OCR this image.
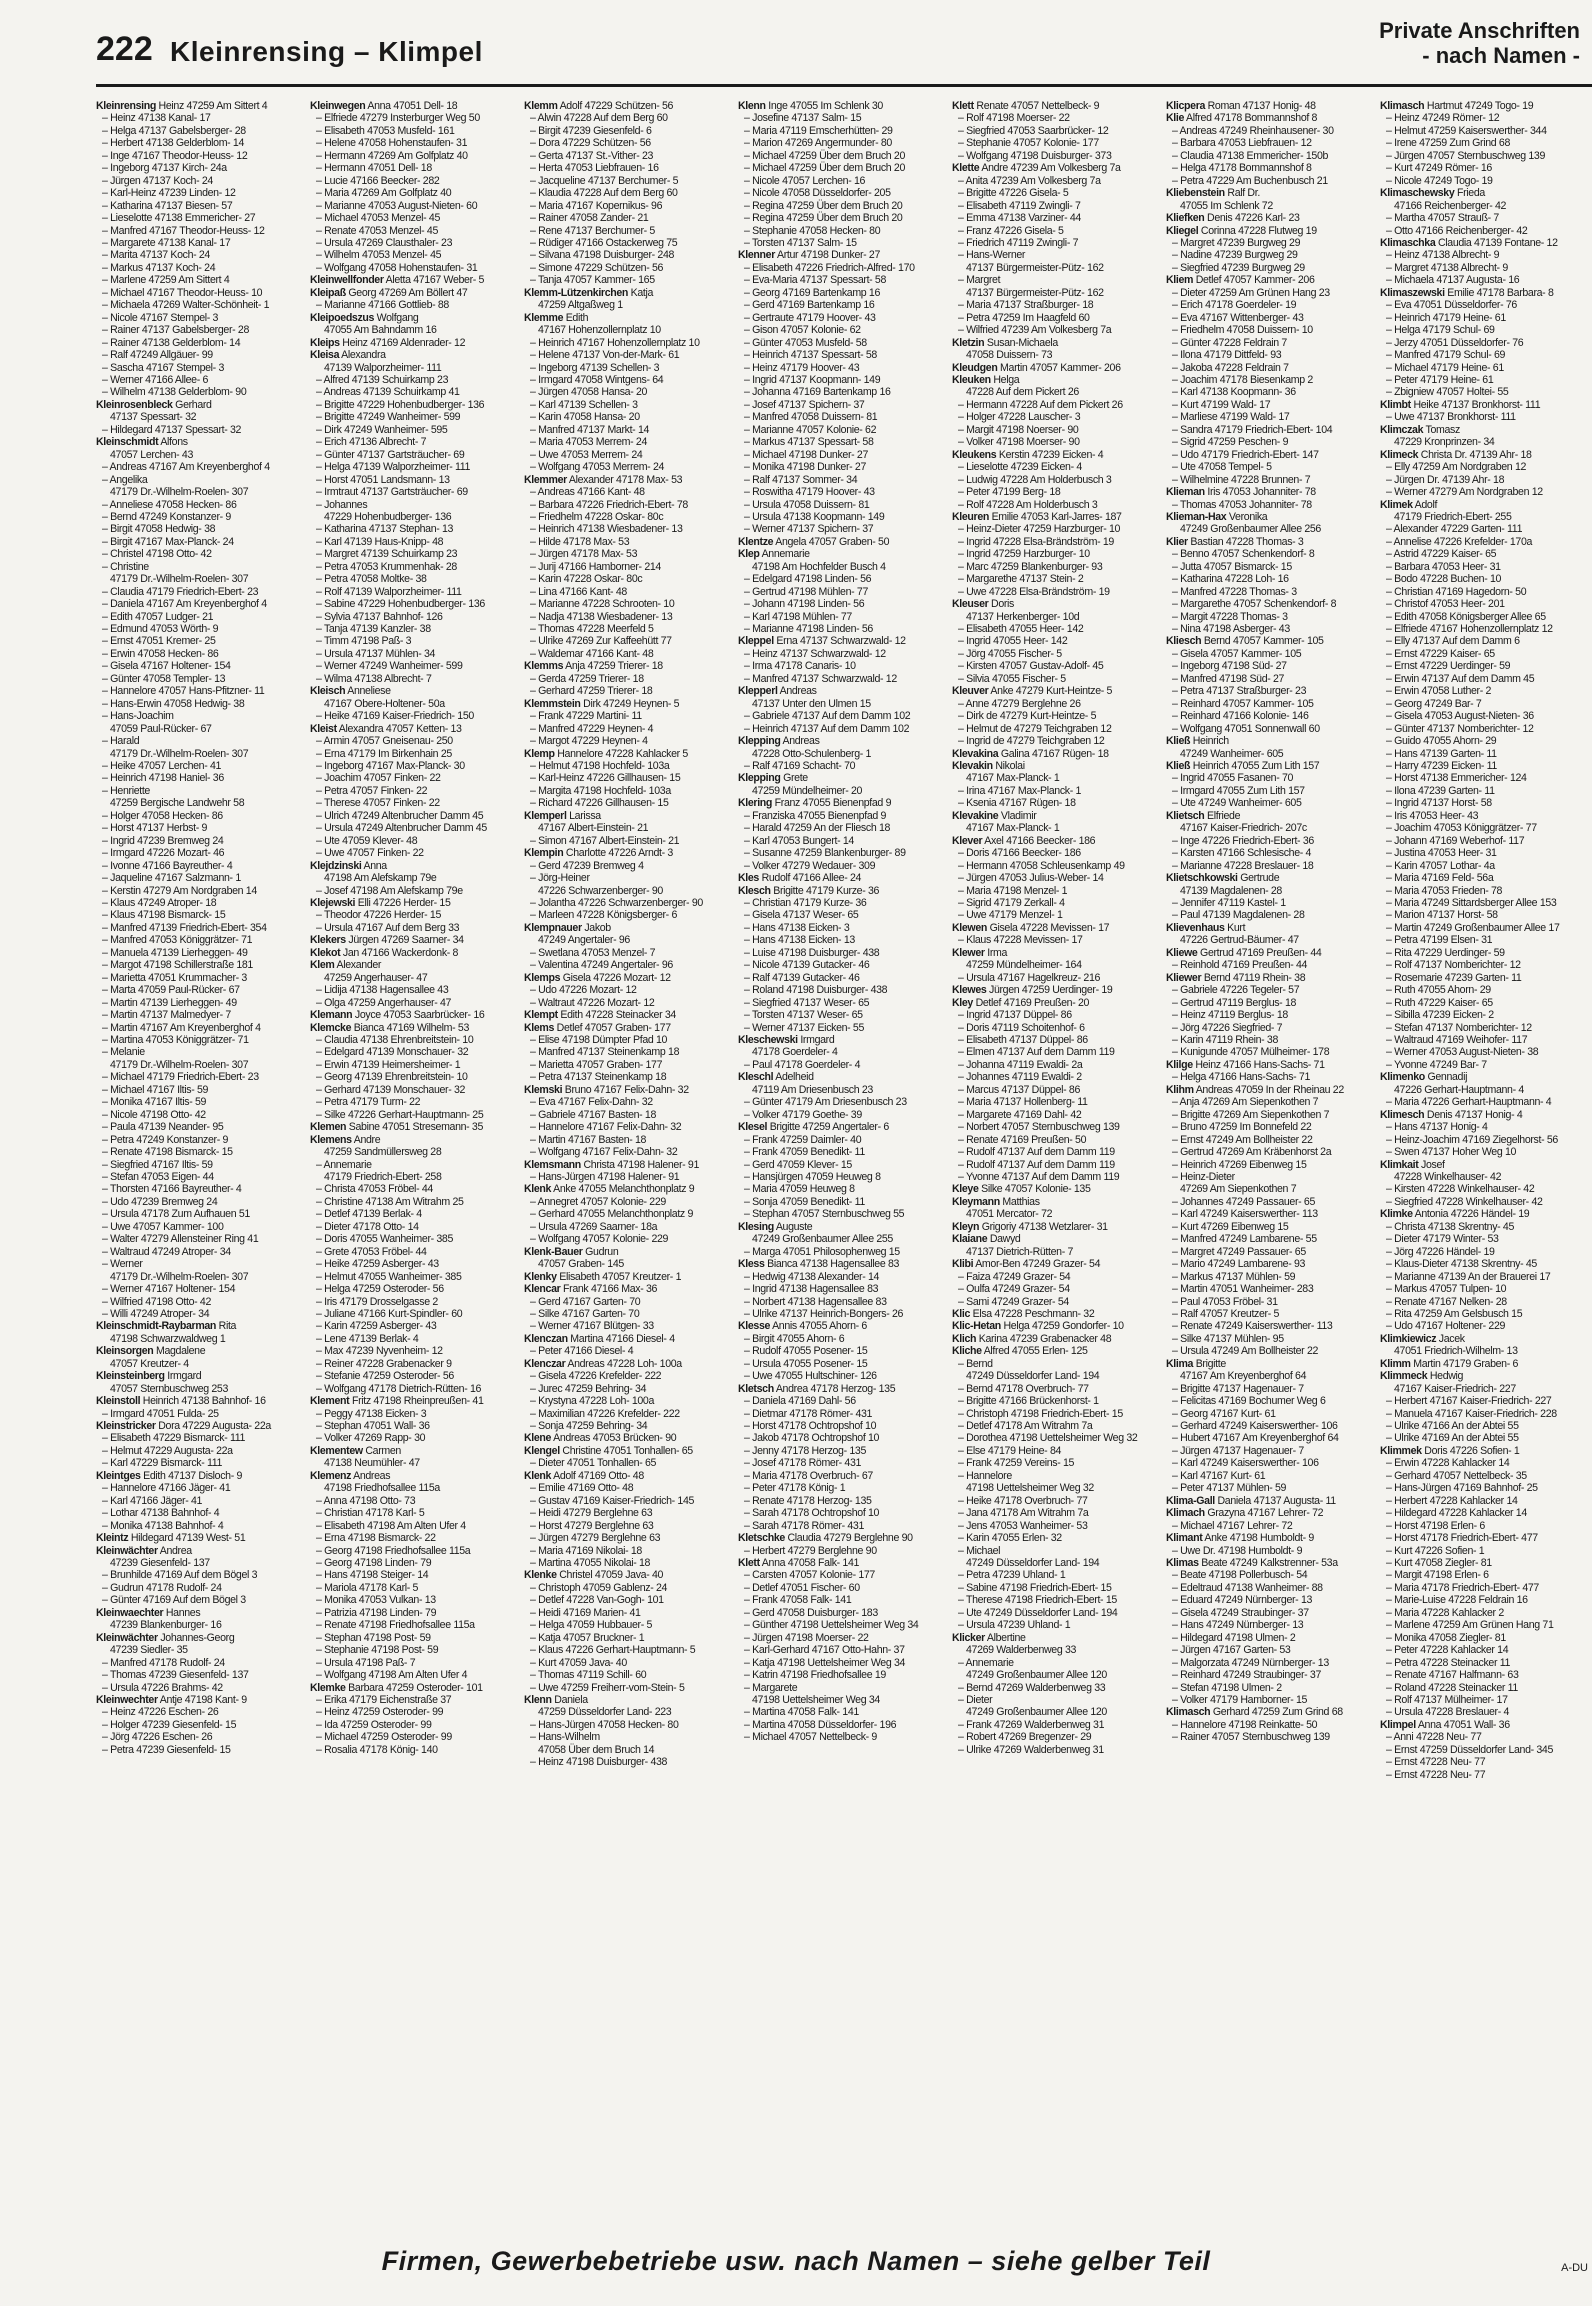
222 Kleinrensing – Klimpel
Private Anschriften
- nach Namen -
Kleinrensing Heinz 47259 Am Sittert 4
– Heinz 47138 Kanal- 17
– Helga 47137 Gabelsberger- 28
– Herbert 47138 Gelderblom- 14
– Inge 47167 Theodor-Heuss- 12
– Ingeborg 47137 Kirch- 24a
– Jürgen 47137 Koch- 24
– Karl-Heinz 47239 Linden- 12
– Katharina 47137 Biesen- 57
– Lieselotte 47138 Emmericher- 27
– Manfred 47167 Theodor-Heuss- 12
– Margarete 47138 Kanal- 17
– Marita 47137 Koch- 24
– Markus 47137 Koch- 24
– Marlene 47259 Am Sittert 4
– Michael 47167 Theodor-Heuss- 10
– Michaela 47269 Walter-Schönheit- 1
– Nicole 47167 Stempel- 3
– Rainer 47137 Gabelsberger- 28
– Rainer 47138 Gelderblom- 14
– Ralf 47249 Allgäuer- 99
– Sascha 47167 Stempel- 3
– Werner 47166 Allee- 6
– Wilhelm 47138 Gelderblom- 90
Kleinrosenbleck Gerhard
47137 Spessart- 32
– Hildegard 47137 Spessart- 32
Kleinschmidt Alfons
47057 Lerchen- 43
– Andreas 47167 Am Kreyenberghof 4
– Angelika
47179 Dr.-Wilhelm-Roelen- 307
– Anneliese 47058 Hecken- 86
– Bernd 47249 Konstanzer- 9
– Birgit 47058 Hedwig- 38
– Birgit 47167 Max-Planck- 24
– Christel 47198 Otto- 42
– Christine
47179 Dr.-Wilhelm-Roelen- 307
– Claudia 47179 Friedrich-Ebert- 23
– Daniela 47167 Am Kreyenberghof 4
– Edith 47057 Ludger- 21
– Edmund 47053 Wörth- 9
– Ernst 47051 Kremer- 25
– Erwin 47058 Hecken- 86
– Gisela 47167 Holtener- 154
– Günter 47058 Templer- 13
– Hannelore 47057 Hans-Pfitzner- 11
– Hans-Erwin 47058 Hedwig- 38
– Hans-Joachim
47059 Paul-Rücker- 67
– Harald
47179 Dr.-Wilhelm-Roelen- 307
– Heike 47057 Lerchen- 41
– Heinrich 47198 Haniel- 36
– Henriette
47259 Bergische Landwehr 58
– Holger 47058 Hecken- 86
– Horst 47137 Herbst- 9
– Ingrid 47239 Bremweg 24
– Irmgard 47226 Mozart- 46
– Ivonne 47166 Bayreuther- 4
– Jaqueline 47167 Salzmann- 1
– Kerstin 47279 Am Nordgraben 14
– Klaus 47249 Atroper- 18
– Klaus 47198 Bismarck- 15
– Manfred 47139 Friedrich-Ebert- 354
– Manfred 47053 Königgrätzer- 71
– Manuela 47139 Lierheggen- 49
– Margot 47198 Schillerstraße 181
– Marietta 47051 Krummacher- 3
– Marta 47059 Paul-Rücker- 67
– Martin 47139 Lierheggen- 49
– Martin 47137 Malmedyer- 7
– Martin 47167 Am Kreyenberghof 4
– Martina 47053 Königgrätzer- 71
– Melanie
47179 Dr.-Wilhelm-Roelen- 307
– Michael 47179 Friedrich-Ebert- 23
– Michael 47167 Iltis- 59
– Monika 47167 Iltis- 59
– Nicole 47198 Otto- 42
– Paula 47139 Neander- 95
– Petra 47249 Konstanzer- 9
– Renate 47198 Bismarck- 15
– Siegfried 47167 Iltis- 59
– Stefan 47053 Eigen- 44
– Thorsten 47166 Bayreuther- 4
– Udo 47239 Bremweg 24
– Ursula 47178 Zum Aufhauen 51
– Uwe 47057 Kammer- 100
– Walter 47279 Allensteiner Ring 41
– Waltraud 47249 Atroper- 34
– Werner
47179 Dr.-Wilhelm-Roelen- 307
– Werner 47167 Holtener- 154
– Wilfried 47198 Otto- 42
– Willi 47249 Atroper- 34
Kleinschmidt-Raybarman Rita
47198 Schwarzwaldweg 1
Kleinsorgen Magdalene
47057 Kreutzer- 4
Kleinsteinberg Irmgard
47057 Sternbuschweg 253
Kleinstoll Heinrich 47138 Bahnhof- 16
– Irmgard 47051 Fulda- 25
Kleinstricker Dora 47229 Augusta- 22a
– Elisabeth 47229 Bismarck- 111
– Helmut 47229 Augusta- 22a
– Karl 47229 Bismarck- 111
Kleintges Edith 47137 Disloch- 9
– Hannelore 47166 Jäger- 41
– Karl 47166 Jäger- 41
– Lothar 47138 Bahnhof- 4
– Monika 47138 Bahnhof- 4
Kleintz Hildegard 47139 West- 51
Kleinwächter Andrea
47239 Giesenfeld- 137
– Brunhilde 47169 Auf dem Bögel 3
– Gudrun 47178 Rudolf- 24
– Günter 47169 Auf dem Bögel 3
Kleinwaechter Hannes
47239 Blankenburger- 16
Kleinwächter Johannes-Georg
47239 Siedler- 35
– Manfred 47178 Rudolf- 24
– Thomas 47239 Giesenfeld- 137
– Ursula 47226 Brahms- 42
Kleinwechter Antje 47198 Kant- 9
– Heinz 47226 Eschen- 26
– Holger 47239 Giesenfeld- 15
– Jörg 47226 Eschen- 26
– Petra 47239 Giesenfeld- 15
Kleinwegen Anna 47051 Dell- 18
– Elfriede 47279 Insterburger Weg 50
– Elisabeth 47053 Musfeld- 161
– Helene 47058 Hohenstaufen- 31
– Hermann 47269 Am Golfplatz 40
– Hermann 47051 Dell- 18
– Lucie 47166 Beecker- 282
– Maria 47269 Am Golfplatz 40
– Marianne 47053 August-Nieten- 60
– Michael 47053 Menzel- 45
– Renate 47053 Menzel- 45
– Ursula 47269 Clausthaler- 23
– Wilhelm 47053 Menzel- 45
– Wolfgang 47058 Hohenstaufen- 31
Kleinwellfonder Aletta 47167 Weber- 5
Kleipaß Georg 47269 Am Böllert 47
– Marianne 47166 Gottlieb- 88
Kleipoedszus Wolfgang
47055 Am Bahndamm 16
Kleips Heinz 47169 Aldenrader- 12
Kleisa Alexandra
47139 Walporzheimer- 111
– Alfred 47139 Schuirkamp 23
– Andreas 47139 Schuirkamp 41
– Brigitte 47229 Hohenbudberger- 136
– Brigitte 47249 Wanheimer- 599
– Dirk 47249 Wanheimer- 595
– Erich 47136 Albrecht- 7
– Günter 47137 Gartsträucher- 69
– Helga 47139 Walporzheimer- 111
– Horst 47051 Landsmann- 13
– Irmtraut 47137 Gartsträucher- 69
– Johannes
47229 Hohenbudberger- 136
– Katharina 47137 Stephan- 13
– Karl 47139 Haus-Knipp- 48
– Margret 47139 Schuirkamp 23
– Petra 47053 Krummenhak- 28
– Petra 47058 Moltke- 38
– Rolf 47139 Walporzheimer- 111
– Sabine 47229 Hohenbudberger- 136
– Sylvia 47137 Bahnhof- 126
– Tanja 47139 Kanzler- 38
– Timm 47198 Paß- 3
– Ursula 47137 Mühlen- 34
– Werner 47249 Wanheimer- 599
– Wilma 47138 Albrecht- 7
Kleisch Anneliese
47167 Obere-Holtener- 50a
– Heike 47169 Kaiser-Friedrich- 150
Kleist Alexandra 47057 Ketten- 13
– Armin 47057 Gneisenau- 250
– Erna 47179 Im Birkenhain 25
– Ingeborg 47167 Max-Planck- 30
– Joachim 47057 Finken- 22
– Petra 47057 Finken- 22
– Therese 47057 Finken- 22
– Ulrich 47249 Altenbrucher Damm 45
– Ursula 47249 Altenbrucher Damm 45
– Ute 47059 Klever- 48
– Uwe 47057 Finken- 22
Klejdzinski Anna
47198 Am Alefskamp 79e
– Josef 47198 Am Alefskamp 79e
Klejewski Elli 47226 Herder- 15
– Theodor 47226 Herder- 15
– Ursula 47167 Auf dem Berg 33
Klekers Jürgen 47269 Saarner- 34
Klekot Jan 47166 Wackerdonk- 8
Klem Alexander
47259 Angerhauser- 47
– Lidija 47138 Hagensallee 43
– Olga 47259 Angerhauser- 47
Klemann Joyce 47053 Saarbrücker- 16
Klemcke Bianca 47169 Wilhelm- 53
– Claudia 47138 Ehrenbreitstein- 10
– Edelgard 47139 Monschauer- 32
– Erwin 47139 Heimersheimer- 1
– Georg 47139 Ehrenbreitstein- 10
– Gerhard 47139 Monschauer- 32
– Petra 47179 Turm- 22
– Silke 47226 Gerhart-Hauptmann- 25
Klemen Sabine 47051 Stresemann- 35
Klemens Andre
47259 Sandmüllersweg 28
– Annemarie
47179 Friedrich-Ebert- 258
– Christa 47053 Fröbel- 44
– Christine 47138 Am Witrahm 25
– Detlef 47139 Berlak- 4
– Dieter 47178 Otto- 14
– Doris 47055 Wanheimer- 385
– Grete 47053 Fröbel- 44
– Heike 47259 Asberger- 43
– Helmut 47055 Wanheimer- 385
– Helga 47259 Osteroder- 56
– Iris 47179 Drosselgasse 2
– Juliane 47166 Kurt-Spindler- 60
– Karin 47259 Asberger- 43
– Lene 47139 Berlak- 4
– Max 47239 Nyvenheim- 12
– Reiner 47228 Grabenacker 9
– Stefanie 47259 Osteroder- 56
– Wolfgang 47178 Dietrich-Rütten- 16
Klement Fritz 47198 Rheinpreußen- 41
– Peggy 47138 Eicken- 3
– Stephan 47051 Wall- 36
– Volker 47269 Rapp- 30
Klementew Carmen
47138 Neumühler- 47
Klemenz Andreas
47198 Friedhofsallee 115a
– Anna 47198 Otto- 73
– Christian 47178 Karl- 5
– Elisabeth 47198 Am Alten Ufer 4
– Erna 47198 Bismarck- 22
– Georg 47198 Friedhofsallee 115a
– Georg 47198 Linden- 79
– Hans 47198 Steiger- 14
– Mariola 47178 Karl- 5
– Monika 47053 Vulkan- 13
– Patrizia 47198 Linden- 79
– Renate 47198 Friedhofsallee 115a
– Stephan 47198 Post- 59
– Stephanie 47198 Post- 59
– Ursula 47198 Paß- 7
– Wolfgang 47198 Am Alten Ufer 4
Klemke Barbara 47259 Osteroder- 101
– Erika 47179 Eichenstraße 37
– Heinz 47259 Osteroder- 99
– Ida 47259 Osteroder- 99
– Michael 47259 Osteroder- 99
– Rosalia 47178 König- 140
Klemm Adolf 47229 Schützen- 56
– Alwin 47228 Auf dem Berg 60
– Birgit 47239 Giesenfeld- 6
– Dora 47229 Schützen- 56
– Gerta 47137 St.-Vither- 23
– Herta 47053 Liebfrauen- 16
– Jacqueline 47137 Berchumer- 5
– Klaudia 47228 Auf dem Berg 60
– Maria 47167 Kopernikus- 96
– Rainer 47058 Zander- 21
– Rene 47137 Berchumer- 5
– Rüdiger 47166 Ostackerweg 75
– Silvana 47198 Duisburger- 248
– Simone 47229 Schützen- 56
– Tanja 47057 Kammer- 165
Klemm-Lützenkirchen Katja
47259 Altgaßweg 1
Klemme Edith
47167 Hohenzollernplatz 10
– Heinrich 47167 Hohenzollernplatz 10
– Helene 47137 Von-der-Mark- 61
– Ingeborg 47139 Schellen- 3
– Irmgard 47058 Wintgens- 64
– Jürgen 47058 Hansa- 20
– Karl 47139 Schellen- 3
– Karin 47058 Hansa- 20
– Manfred 47137 Markt- 14
– Maria 47053 Merrem- 24
– Uwe 47053 Merrem- 24
– Wolfgang 47053 Merrem- 24
Klemmer Alexander 47178 Max- 53
– Andreas 47166 Kant- 48
– Barbara 47226 Friedrich-Ebert- 78
– Friedhelm 47228 Oskar- 80c
– Heinrich 47138 Wiesbadener- 13
– Hilde 47178 Max- 53
– Jürgen 47178 Max- 53
– Jurij 47166 Hamborner- 214
– Karin 47228 Oskar- 80c
– Lina 47166 Kant- 48
– Marianne 47228 Schrooten- 10
– Nadja 47138 Wiesbadener- 13
– Thomas 47228 Meerfeld 5
– Ulrike 47269 Zur Kaffeehütt 77
– Waldemar 47166 Kant- 48
Klemms Anja 47259 Trierer- 18
– Gerda 47259 Trierer- 18
– Gerhard 47259 Trierer- 18
Klemmstein Dirk 47249 Heynen- 5
– Frank 47229 Martini- 11
– Manfred 47229 Heynen- 4
– Margot 47229 Heynen- 4
Klemp Hannelore 47228 Kahlacker 5
– Helmut 47198 Hochfeld- 103a
– Karl-Heinz 47226 Gillhausen- 15
– Margita 47198 Hochfeld- 103a
– Richard 47226 Gillhausen- 15
Klemperl Larissa
47167 Albert-Einstein- 21
– Simon 47167 Albert-Einstein- 21
Klempin Charlotte 47226 Arndt- 3
– Gerd 47239 Bremweg 4
– Jörg-Heiner
47226 Schwarzenberger- 90
– Jolantha 47226 Schwarzenberger- 90
– Marleen 47228 Königsberger- 6
Klempnauer Jakob
47249 Angertaler- 96
– Swetlana 47053 Menzel- 7
– Valentina 47249 Angertaler- 96
Klemps Gisela 47226 Mozart- 12
– Udo 47226 Mozart- 12
– Waltraut 47226 Mozart- 12
Klempt Edith 47228 Steinacker 34
Klems Detlef 47057 Graben- 177
– Elise 47198 Dümpter Pfad 10
– Manfred 47137 Steinenkamp 18
– Marietta 47057 Graben- 177
– Petra 47137 Steinenkamp 18
Klemski Bruno 47167 Felix-Dahn- 32
– Eva 47167 Felix-Dahn- 32
– Gabriele 47167 Basten- 18
– Hannelore 47167 Felix-Dahn- 32
– Martin 47167 Basten- 18
– Wolfgang 47167 Felix-Dahn- 32
Klemsmann Christa 47198 Halener- 91
– Hans-Jürgen 47198 Halener- 91
Klenk Anke 47055 Melanchthonplatz 9
– Annegret 47057 Kolonie- 229
– Gerhard 47055 Melanchthonplatz 9
– Ursula 47269 Saarner- 18a
– Wolfgang 47057 Kolonie- 229
Klenk-Bauer Gudrun
47057 Graben- 145
Klenky Elisabeth 47057 Kreutzer- 1
Klencar Frank 47166 Max- 36
– Gerd 47167 Garten- 70
– Silke 47167 Garten- 70
– Werner 47167 Blütgen- 33
Klenczan Martina 47166 Diesel- 4
– Peter 47166 Diesel- 4
Klenczar Andreas 47228 Loh- 100a
– Gisela 47226 Krefelder- 222
– Jurec 47259 Behring- 34
– Krystyna 47228 Loh- 100a
– Maximilian 47226 Krefelder- 222
– Sonja 47259 Behring- 34
Klene Andreas 47053 Brücken- 90
Klengel Christine 47051 Tonhallen- 65
– Dieter 47051 Tonhallen- 65
Klenk Adolf 47169 Otto- 48
– Emilie 47169 Otto- 48
– Gustav 47169 Kaiser-Friedrich- 145
– Heidi 47279 Berglehne 63
– Horst 47279 Berglehne 63
– Jürgen 47279 Berglehne 63
– Maria 47169 Nikolai- 18
– Martina 47055 Nikolai- 18
Klenke Christel 47059 Java- 40
– Christoph 47059 Gablenz- 24
– Detlef 47228 Van-Gogh- 101
– Heidi 47169 Marien- 41
– Helga 47059 Hubbauer- 5
– Katja 47057 Bruckner- 1
– Klaus 47226 Gerhart-Hauptmann- 5
– Kurt 47059 Java- 40
– Thomas 47119 Schill- 60
– Uwe 47259 Freiherr-vom-Stein- 5
Klenn Daniela
47259 Düsseldorfer Land- 223
– Hans-Jürgen 47058 Hecken- 80
– Hans-Wilhelm
47058 Über dem Bruch 14
– Heinz 47198 Duisburger- 438
Klenn Inge 47055 Im Schlenk 30
– Josefine 47137 Salm- 15
– Maria 47119 Emscherhütten- 29
– Marion 47269 Angermunder- 80
– Michael 47259 Über dem Bruch 20
– Michael 47259 Über dem Bruch 20
– Nicole 47057 Lerchen- 16
– Nicole 47058 Düsseldorfer- 205
– Regina 47259 Über dem Bruch 20
– Regina 47259 Über dem Bruch 20
– Stephanie 47058 Hecken- 80
– Torsten 47137 Salm- 15
Klenner Artur 47198 Dunker- 27
– Elisabeth 47226 Friedrich-Alfred- 170
– Eva-Maria 47137 Spessart- 58
– Georg 47169 Bartenkamp 16
– Gerd 47169 Bartenkamp 16
– Gertraute 47179 Hoover- 43
– Gison 47057 Kolonie- 62
– Günter 47053 Musfeld- 58
– Heinrich 47137 Spessart- 58
– Heinz 47179 Hoover- 43
– Ingrid 47137 Koopmann- 149
– Johanna 47169 Bartenkamp 16
– Josef 47137 Spichern- 37
– Manfred 47058 Duissern- 81
– Marianne 47057 Kolonie- 62
– Markus 47137 Spessart- 58
– Michael 47198 Dunker- 27
– Monika 47198 Dunker- 27
– Ralf 47137 Sommer- 34
– Roswitha 47179 Hoover- 43
– Ursula 47058 Duissern- 81
– Ursula 47138 Koopmann- 149
– Werner 47137 Spichern- 37
Klentze Angela 47057 Graben- 50
Klep Annemarie
47198 Am Hochfelder Busch 4
– Edelgard 47198 Linden- 56
– Gertrud 47198 Mühlen- 77
– Johann 47198 Linden- 56
– Karl 47198 Mühlen- 77
– Marianne 47198 Linden- 56
Kleppel Erna 47137 Schwarzwald- 12
– Heinz 47137 Schwarzwald- 12
– Irma 47178 Canaris- 10
– Manfred 47137 Schwarzwald- 12
Klepperl Andreas
47137 Unter den Ulmen 15
– Gabriele 47137 Auf dem Damm 102
– Heinrich 47137 Auf dem Damm 102
Klepping Andreas
47228 Otto-Schulenberg- 1
– Ralf 47169 Schacht- 70
Klepping Grete
47259 Mündelheimer- 20
Klering Franz 47055 Bienenpfad 9
– Franziska 47055 Bienenpfad 9
– Harald 47259 An der Fliesch 18
– Karl 47053 Bungert- 14
– Susanne 47259 Blankenburger- 89
– Volker 47279 Wedauer- 309
Kles Rudolf 47166 Allee- 24
Klesch Brigitte 47179 Kurze- 36
– Christian 47179 Kurze- 36
– Gisela 47137 Weser- 65
– Hans 47138 Eicken- 3
– Hans 47138 Eicken- 13
– Luise 47198 Duisburger- 438
– Nicole 47139 Gutacker- 46
– Ralf 47139 Gutacker- 46
– Roland 47198 Duisburger- 438
– Siegfried 47137 Weser- 65
– Torsten 47137 Weser- 65
– Werner 47137 Eicken- 55
Kleschewski Irmgard
47178 Goerdeler- 4
– Paul 47178 Goerdeler- 4
Kleschl Adelheid
47119 Am Driesenbusch 23
– Günter 47179 Am Driesenbusch 23
– Volker 47179 Goethe- 39
Klesel Brigitte 47259 Angertaler- 6
– Frank 47259 Daimler- 40
– Frank 47059 Benedikt- 11
– Gerd 47059 Klever- 15
– Hansjürgen 47059 Heuweg 8
– Maria 47059 Heuweg 8
– Sonja 47059 Benedikt- 11
– Stephan 47057 Sternbuschweg 55
Klesing Auguste
47249 Großenbaumer Allee 255
– Marga 47051 Philosophenweg 15
Kless Bianca 47138 Hagensallee 83
– Hedwig 47138 Alexander- 14
– Ingrid 47138 Hagensallee 83
– Norbert 47138 Hagensallee 83
– Ulrike 47137 Heinrich-Bongers- 26
Klesse Annis 47055 Ahorn- 6
– Birgit 47055 Ahorn- 6
– Rudolf 47055 Posener- 15
– Ursula 47055 Posener- 15
– Uwe 47055 Hultschiner- 126
Kletsch Andrea 47178 Herzog- 135
– Daniela 47169 Dahl- 56
– Dietmar 47178 Römer- 431
– Horst 47178 Ochtropshof 10
– Jakob 47178 Ochtropshof 10
– Jenny 47178 Herzog- 135
– Josef 47178 Römer- 431
– Maria 47178 Overbruch- 67
– Peter 47178 König- 1
– Renate 47178 Herzog- 135
– Sarah 47178 Ochtropshof 10
– Sarah 47178 Römer- 431
Kletschke Claudia 47279 Berglehne 90
– Herbert 47279 Berglehne 90
Klett Anna 47058 Falk- 141
– Carsten 47057 Kolonie- 177
– Detlef 47051 Fischer- 60
– Frank 47058 Falk- 141
– Gerd 47058 Duisburger- 183
– Günther 47198 Uettelsheimer Weg 34
– Jürgen 47198 Moerser- 22
– Karl-Gerhard 47167 Otto-Hahn- 37
– Katja 47198 Uettelsheimer Weg 34
– Katrin 47198 Friedhofsallee 19
– Margarete
47198 Uettelsheimer Weg 34
– Martina 47058 Falk- 141
– Martina 47058 Düsseldorfer- 196
– Michael 47057 Nettelbeck- 9
Klett Renate 47057 Nettelbeck- 9
– Rolf 47198 Moerser- 22
– Siegfried 47053 Saarbrücker- 12
– Stephanie 47057 Kolonie- 177
– Wolfgang 47198 Duisburger- 373
Klette Andre 47239 Am Volkesberg 7a
– Anita 47239 Am Volkesberg 7a
– Brigitte 47226 Gisela- 5
– Elisabeth 47119 Zwingli- 7
– Emma 47138 Varziner- 44
– Franz 47226 Gisela- 5
– Friedrich 47119 Zwingli- 7
– Hans-Werner
47137 Bürgermeister-Pütz- 162
– Margret
47137 Bürgermeister-Pütz- 162
– Maria 47137 Straßburger- 18
– Petra 47259 Im Haagfeld 60
– Wilfried 47239 Am Volkesberg 7a
Kletzin Susan-Michaela
47058 Duissern- 73
Kleudgen Martin 47057 Kammer- 206
Kleuken Helga
47228 Auf dem Pickert 26
– Hermann 47228 Auf dem Pickert 26
– Holger 47228 Lauscher- 3
– Margit 47198 Noerser- 90
– Volker 47198 Moerser- 90
Kleukens Kerstin 47239 Eicken- 4
– Lieselotte 47239 Eicken- 4
– Ludwig 47228 Am Holderbusch 3
– Peter 47199 Berg- 18
– Rolf 47228 Am Holderbusch 3
Kleuren Emilie 47053 Karl-Jarres- 187
– Heinz-Dieter 47259 Harzburger- 10
– Ingrid 47228 Elsa-Brändström- 19
– Ingrid 47259 Harzburger- 10
– Marc 47259 Blankenburger- 93
– Margarethe 47137 Stein- 2
– Uwe 47228 Elsa-Brändström- 19
Kleuser Doris
47137 Herkenberger- 10d
– Elisabeth 47055 Heer- 142
– Ingrid 47055 Heer- 142
– Jörg 47055 Fischer- 5
– Kirsten 47057 Gustav-Adolf- 45
– Silvia 47055 Fischer- 5
Kleuver Anke 47279 Kurt-Heintze- 5
– Anne 47279 Berglehne 26
– Dirk de 47279 Kurt-Heintze- 5
– Helmut de 47279 Teichgraben 12
– Ingrid de 47279 Teichgraben 12
Klevakina Galina 47167 Rügen- 18
Klevakin Nikolai
47167 Max-Planck- 1
– Irina 47167 Max-Planck- 1
– Ksenia 47167 Rügen- 18
Klevakine Vladimir
47167 Max-Planck- 1
Klever Axel 47166 Beecker- 186
– Doris 47166 Beecker- 186
– Hermann 47058 Schleusenkamp 49
– Jürgen 47053 Julius-Weber- 14
– Maria 47198 Menzel- 1
– Sigrid 47179 Zerkall- 4
– Uwe 47179 Menzel- 1
Klewen Gisela 47228 Mevissen- 17
– Klaus 47228 Mevissen- 17
Klewer Irma
47259 Mündelheimer- 164
– Ursula 47167 Hagelkreuz- 216
Klewes Jürgen 47259 Uerdinger- 19
Kley Detlef 47169 Preußen- 20
– Ingrid 47137 Düppel- 86
– Doris 47119 Schoitenhof- 6
– Elisabeth 47137 Düppel- 86
– Elmen 47137 Auf dem Damm 119
– Johanna 47119 Ewaldi- 2a
– Johannes 47119 Ewaldi- 2
– Marcus 47137 Düppel- 86
– Maria 47137 Hollenberg- 11
– Margarete 47169 Dahl- 42
– Norbert 47057 Sternbuschweg 139
– Renate 47169 Preußen- 50
– Rudolf 47137 Auf dem Damm 119
– Rudolf 47137 Auf dem Damm 119
– Yvonne 47137 Auf dem Damm 119
Kleye Silke 47057 Kolonie- 135
Kleymann Matthias
47051 Mercator- 72
Kleyn Grigoriy 47138 Wetzlarer- 31
Klaiane Dawyd
47137 Dietrich-Rütten- 7
Klibi Amor-Ben 47249 Grazer- 54
– Faiza 47249 Grazer- 54
– Oulfa 47249 Grazer- 54
– Sami 47249 Grazer- 54
Klic Elsa 47228 Peschmann- 32
Klic-Hetan Helga 47259 Gondorfer- 10
Klich Karina 47239 Grabenacker 48
Kliche Alfred 47055 Erlen- 125
– Bernd
47249 Düsseldorfer Land- 194
– Bernd 47178 Overbruch- 77
– Brigitte 47166 Brückenhorst- 1
– Christoph 47198 Friedrich-Ebert- 15
– Detlef 47178 Am Witrahm 7a
– Dorothea 47198 Uettelsheimer Weg 32
– Else 47179 Heine- 84
– Frank 47259 Vereins- 15
– Hannelore
47198 Uettelsheimer Weg 32
– Heike 47178 Overbruch- 77
– Jana 47178 Am Witrahm 7a
– Jens 47053 Wanheimer- 53
– Karin 47055 Erlen- 32
– Michael
47249 Düsseldorfer Land- 194
– Petra 47239 Uhland- 1
– Sabine 47198 Friedrich-Ebert- 15
– Therese 47198 Friedrich-Ebert- 15
– Ute 47249 Düsseldorfer Land- 194
– Ursula 47239 Uhland- 1
Klicker Albertine
47269 Walderbenweg 33
– Annemarie
47249 Großenbaumer Allee 120
– Bernd 47269 Walderbenweg 33
– Dieter
47249 Großenbaumer Allee 120
– Frank 47269 Walderbenweg 31
– Robert 47269 Bregenzer- 29
– Ulrike 47269 Walderbenweg 31
Klicpera Roman 47137 Honig- 48
Klie Alfred 47178 Bommannshof 8
– Andreas 47249 Rheinhausener- 30
– Barbara 47053 Liebfrauen- 12
– Claudia 47138 Emmericher- 150b
– Helga 47178 Bommannshof 8
– Petra 47229 Am Buchenbusch 21
Kliebenstein Ralf Dr.
47055 Im Schlenk 72
Kliefken Denis 47226 Karl- 23
Kliegel Corinna 47228 Flutweg 19
– Margret 47239 Burgweg 29
– Nadine 47239 Burgweg 29
– Siegfried 47239 Burgweg 29
Kliem Detlef 47057 Kammer- 206
– Dieter 47259 Am Grünen Hang 23
– Erich 47178 Goerdeler- 19
– Eva 47167 Wittenberger- 43
– Friedhelm 47058 Duissern- 10
– Günter 47228 Feldrain 7
– Ilona 47179 Dittfeld- 93
– Jakoba 47228 Feldrain 7
– Joachim 47178 Biesenkamp 2
– Karl 47138 Koopmann- 36
– Kurt 47199 Wald- 17
– Marliese 47199 Wald- 17
– Sandra 47179 Friedrich-Ebert- 104
– Sigrid 47259 Peschen- 9
– Udo 47179 Friedrich-Ebert- 147
– Ute 47058 Tempel- 5
– Wilhelmine 47228 Brunnen- 7
Klieman Iris 47053 Johanniter- 78
– Thomas 47053 Johanniter- 78
Klieman-Hax Veronika
47249 Großenbaumer Allee 256
Klier Bastian 47228 Thomas- 3
– Benno 47057 Schenkendorf- 8
– Jutta 47057 Bismarck- 15
– Katharina 47228 Loh- 16
– Manfred 47228 Thomas- 3
– Margarethe 47057 Schenkendorf- 8
– Margit 47228 Thomas- 3
– Nina 47198 Asberger- 43
Kliesch Bernd 47057 Kammer- 105
– Gisela 47057 Kammer- 105
– Ingeborg 47198 Süd- 27
– Manfred 47198 Süd- 27
– Petra 47137 Straßburger- 23
– Reinhard 47057 Kammer- 105
– Reinhard 47166 Kolonie- 146
– Wolfgang 47051 Sonnenwall 60
Kließ Heinrich
47249 Wanheimer- 605
Kließ Heinrich 47055 Zum Lith 157
– Ingrid 47055 Fasanen- 70
– Irmgard 47055 Zum Lith 157
– Ute 47249 Wanheimer- 605
Klietsch Elfriede
47167 Kaiser-Friedrich- 207c
– Inge 47226 Friedrich-Ebert- 36
– Karsten 47166 Schlesische- 4
– Marianne 47228 Breslauer- 18
Klietschkowski Gertrude
47139 Magdalenen- 28
– Jennifer 47119 Kastel- 1
– Paul 47139 Magdalenen- 28
Klievenhaus Kurt
47226 Gertrud-Bäumer- 47
Kliewe Gertrud 47169 Preußen- 44
– Reinhold 47169 Preußen- 44
Kliewer Bernd 47119 Rhein- 38
– Gabriele 47226 Tegeler- 57
– Gertrud 47119 Berglus- 18
– Heinz 47119 Berglus- 18
– Jörg 47226 Siegfried- 7
– Karin 47119 Rhein- 38
– Kunigunde 47057 Mülheimer- 178
Klilge Heinz 47166 Hans-Sachs- 71
– Helga 47166 Hans-Sachs- 71
Klihm Andreas 47059 In der Rheinau 22
– Anja 47269 Am Siepenkothen 7
– Brigitte 47269 Am Siepenkothen 7
– Bruno 47259 Im Bonnefeld 22
– Ernst 47249 Am Bollheister 22
– Gertrud 47269 Am Kräbenhorst 2a
– Heinrich 47269 Eibenweg 15
– Heinz-Dieter
47269 Am Siepenkothen 7
– Johannes 47249 Passauer- 65
– Karl 47249 Kaiserswerther- 113
– Kurt 47269 Eibenweg 15
– Manfred 47249 Lambarene- 55
– Margret 47249 Passauer- 65
– Mario 47249 Lambarene- 93
– Markus 47137 Mühlen- 59
– Martin 47051 Wanheimer- 283
– Paul 47053 Fröbel- 31
– Ralf 47057 Kreutzer- 5
– Renate 47249 Kaiserswerther- 113
– Silke 47137 Mühlen- 95
– Ursula 47249 Am Bollheister 22
Klima Brigitte
47167 Am Kreyenberghof 64
– Brigitte 47137 Hagenauer- 7
– Felicitas 47169 Bochumer Weg 6
– Georg 47167 Kurt- 61
– Gerhard 47249 Kaiserswerther- 106
– Hubert 47167 Am Kreyenberghof 64
– Jürgen 47137 Hagenauer- 7
– Karl 47249 Kaiserswerther- 106
– Karl 47167 Kurt- 61
– Peter 47137 Mühlen- 59
Klima-Gall Daniela 47137 Augusta- 11
Klimach Grazyna 47167 Lehrer- 72
– Michael 47167 Lehrer- 72
Klimant Anke 47198 Humboldt- 9
– Uwe Dr. 47198 Humboldt- 9
Klimas Beate 47249 Kalkstrenner- 53a
– Beate 47198 Pollerbusch- 54
– Edeltraud 47138 Wanheimer- 88
– Eduard 47249 Nürnberger- 13
– Gisela 47249 Straubinger- 37
– Hans 47249 Nürnberger- 13
– Hildegard 47198 Ulmen- 2
– Jürgen 47167 Garten- 53
– Malgorzata 47249 Nürnberger- 13
– Reinhard 47249 Straubinger- 37
– Stefan 47198 Ulmen- 2
– Volker 47179 Hamborner- 15
Klimasch Gerhard 47259 Zum Grind 68
– Hannelore 47198 Reinkatte- 50
– Rainer 47057 Sternbuschweg 139
Klimasch Hartmut 47249 Togo- 19
– Heinz 47249 Römer- 12
– Helmut 47259 Kaiserswerther- 344
– Irene 47259 Zum Grind 68
– Jürgen 47057 Sternbuschweg 139
– Kurt 47249 Römer- 16
– Nicole 47249 Togo- 19
Klimaschewsky Frieda
47166 Reichenberger- 42
– Martha 47057 Strauß- 7
– Otto 47166 Reichenberger- 42
Klimaschka Claudia 47139 Fontane- 12
– Heinz 47138 Albrecht- 9
– Margret 47138 Albrecht- 9
– Michaela 47137 Augusta- 16
Klimaszewski Emilie 47178 Barbara- 8
– Eva 47051 Düsseldorfer- 76
– Heinrich 47179 Heine- 61
– Helga 47179 Schul- 69
– Jerzy 47051 Düsseldorfer- 76
– Manfred 47179 Schul- 69
– Michael 47179 Heine- 61
– Peter 47179 Heine- 61
– Zbigniew 47057 Holtei- 55
Klimbt Heike 47137 Bronkhorst- 111
– Uwe 47137 Bronkhorst- 111
Klimczak Tomasz
47229 Kronprinzen- 34
Klimeck Christa Dr. 47139 Ahr- 18
– Elly 47259 Am Nordgraben 12
– Jürgen Dr. 47139 Ahr- 18
– Werner 47279 Am Nordgraben 12
Klimek Adolf
47179 Friedrich-Ebert- 255
– Alexander 47229 Garten- 111
– Annelise 47226 Krefelder- 170a
– Astrid 47229 Kaiser- 65
– Barbara 47053 Heer- 31
– Bodo 47228 Buchen- 10
– Christian 47169 Hagedorn- 50
– Christof 47053 Heer- 201
– Edith 47058 Königsberger Allee 65
– Elfriede 47167 Hohenzollernplatz 12
– Elly 47137 Auf dem Damm 6
– Ernst 47229 Kaiser- 65
– Ernst 47229 Uerdinger- 59
– Erwin 47137 Auf dem Damm 45
– Erwin 47058 Luther- 2
– Georg 47249 Bar- 7
– Gisela 47053 August-Nieten- 36
– Günter 47137 Nomberichter- 12
– Guido 47055 Ahorn- 29
– Hans 47139 Garten- 11
– Harry 47239 Eicken- 11
– Horst 47138 Emmericher- 124
– Ilona 47239 Garten- 11
– Ingrid 47137 Horst- 58
– Iris 47053 Heer- 43
– Joachim 47053 Königgrätzer- 77
– Johann 47169 Weberhof- 117
– Justina 47053 Heer- 31
– Karin 47057 Lothar- 4a
– Maria 47169 Feld- 56a
– Maria 47053 Frieden- 78
– Maria 47249 Sittardsberger Allee 153
– Marion 47137 Horst- 58
– Martin 47249 Großenbaumer Allee 17
– Petra 47199 Elsen- 31
– Rita 47229 Uerdinger- 59
– Rolf 47137 Nomberichter- 12
– Rosemarie 47239 Garten- 11
– Ruth 47055 Ahorn- 29
– Ruth 47229 Kaiser- 65
– Sibilla 47239 Eicken- 2
– Stefan 47137 Nomberichter- 12
– Waltraud 47169 Weihofer- 117
– Werner 47053 August-Nieten- 38
– Yvonne 47249 Bar- 7
Klimenko Gennadij
47226 Gerhart-Hauptmann- 4
– Maria 47226 Gerhart-Hauptmann- 4
Klimesch Denis 47137 Honig- 4
– Hans 47137 Honig- 4
– Heinz-Joachim 47169 Ziegelhorst- 56
– Swen 47137 Hoher Weg 10
Klimkait Josef
47228 Winkelhauser- 42
– Kirsten 47228 Winkelhauser- 42
– Siegfried 47228 Winkelhauser- 42
Klimke Antonia 47226 Händel- 19
– Christa 47138 Skrentny- 45
– Dieter 47179 Winter- 53
– Jörg 47226 Händel- 19
– Klaus-Dieter 47138 Skrentny- 45
– Marianne 47139 An der Brauerei 17
– Markus 47057 Tulpen- 10
– Renate 47167 Nelken- 28
– Rita 47259 Am Gelsbusch 15
– Udo 47167 Holtener- 229
Klimkiewicz Jacek
47051 Friedrich-Wilhelm- 13
Klimm Martin 47179 Graben- 6
Klimmeck Hedwig
47167 Kaiser-Friedrich- 227
– Herbert 47167 Kaiser-Friedrich- 227
– Manuela 47167 Kaiser-Friedrich- 228
– Ulrike 47166 An der Abtei 55
– Ulrike 47169 An der Abtei 55
Klimmek Doris 47226 Sofien- 1
– Erwin 47228 Kahlacker 14
– Gerhard 47057 Nettelbeck- 35
– Hans-Jürgen 47169 Bahnhof- 25
– Herbert 47228 Kahlacker 14
– Hildegard 47228 Kahlacker 14
– Horst 47198 Erlen- 6
– Horst 47178 Friedrich-Ebert- 477
– Kurt 47226 Sofien- 1
– Kurt 47058 Ziegler- 81
– Margit 47198 Erlen- 6
– Maria 47178 Friedrich-Ebert- 477
– Marie-Luise 47228 Feldrain 16
– Maria 47228 Kahlacker 2
– Marlene 47259 Am Grünen Hang 71
– Monika 47058 Ziegler- 81
– Peter 47228 Kahlacker 14
– Petra 47228 Steinacker 11
– Renate 47167 Halfmann- 63
– Roland 47228 Steinacker 11
– Rolf 47137 Mülheimer- 17
– Ursula 47228 Breslauer- 4
Klimpel Anna 47051 Wall- 36
– Anni 47228 Neu- 77
– Ernst 47259 Düsseldorfer Land- 345
– Ernst 47228 Neu- 77
– Ernst 47228 Neu- 77
Firmen, Gewerbebetriebe usw. nach Namen – siehe gelber Teil	A-DU
